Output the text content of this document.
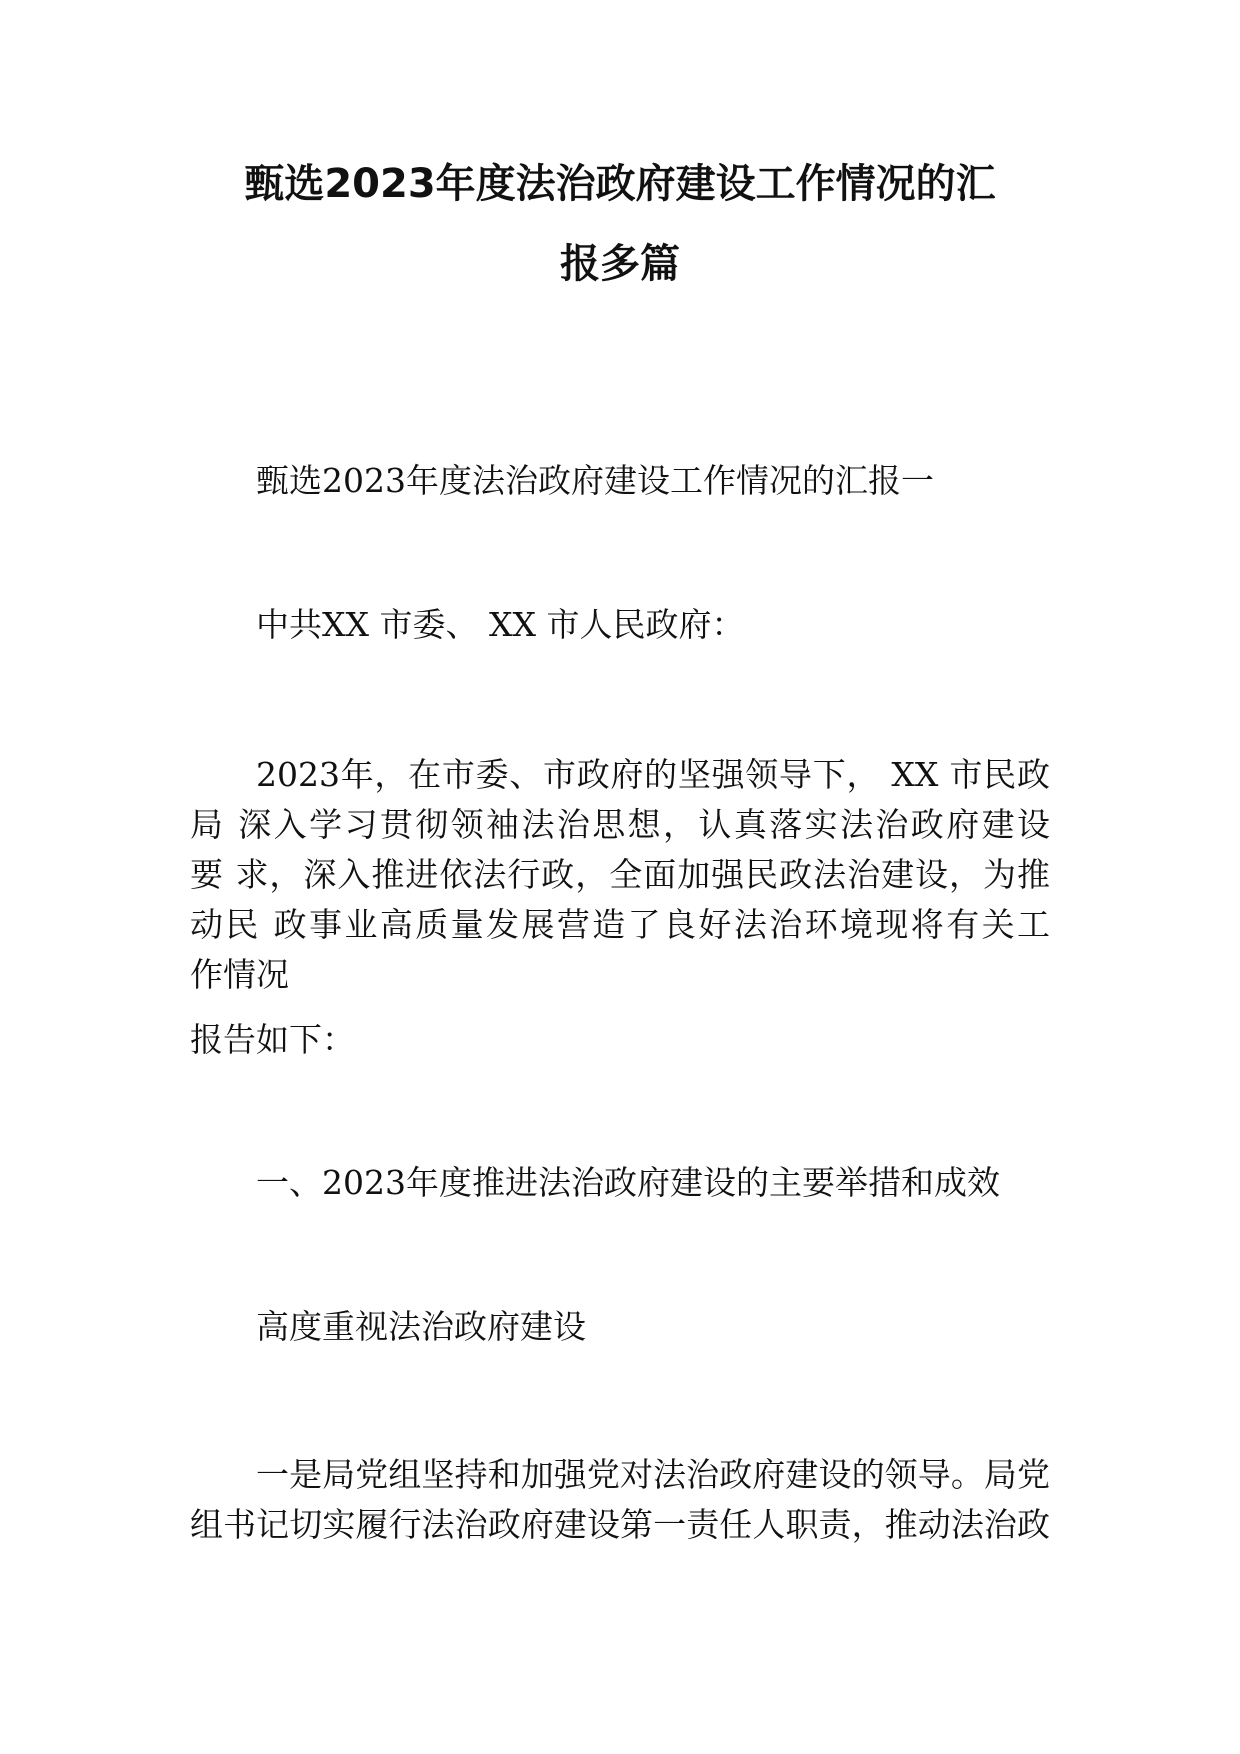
甄选2023年度法治政府建设工作情况的汇
报多篇

甄选2023年度法治政府建设工作情况的汇报一

中共XX 市委、 XX 市人民政府：

2023年，在市委、市政府的坚强领导下， XX 市民政
局 深入学习贯彻领袖法治思想，认真落实法治政府建设
要 求，深入推进依法行政，全面加强民政法治建设，为推
动民 政事业高质量发展营造了良好法治环境现将有关工
作情况

报告如下：

一、2023年度推进法治政府建设的主要举措和成效

高度重视法治政府建设

一是局党组坚持和加强党对法治政府建设的领导。局党
组书记切实履行法治政府建设第一责任人职责，推动法治政
